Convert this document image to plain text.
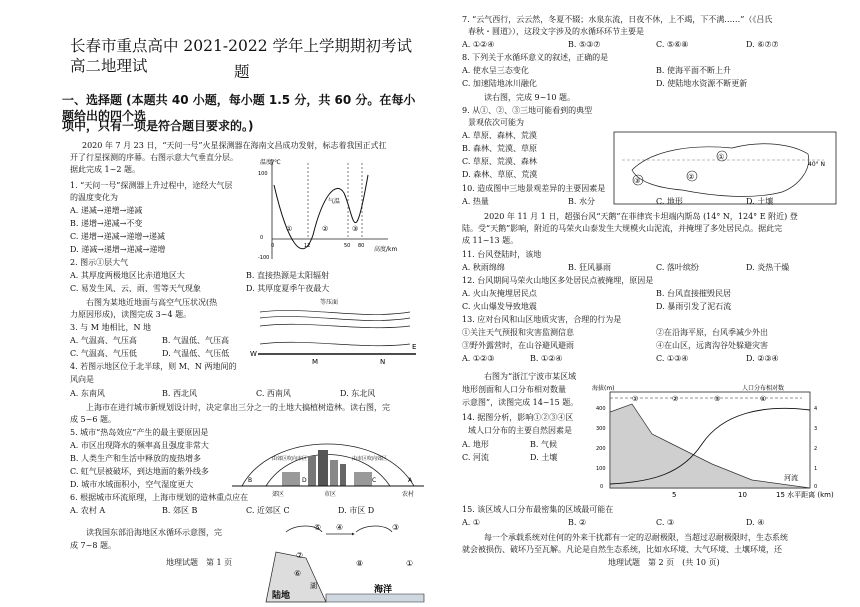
长春市重点高中 2021-2022 学年上学期期初考试高二地理试	题
一、选择题 (本题共 40 小题，每小题 1.5 分，共 60 分。在每小题给出的四个选
项中，只有一项是符合题目要求的。)
2020 年 7 月 23 日，“天问一号”火星探测器在海南文昌成功发射，标志着我国正式扛
开了行星探测的序幕。右图示意大气垂直分层。
据此完成 1~2 题。
1. “天问一号”探测器上升过程中，途经大气层
的温度变化为
A. 递减→递增→递减
B. 递增→递减→不变
C. 递增→递减→递增→递减
D. 递减→递增→递减→递增
2. 图示①层大气
A. 其厚度两极地区比赤道地区大	B. 直接热源是太阳辐射
C. 易发生风、云、雨、雪等天气现象	D. 其厚度夏季午夜最大
右图为某地近地面与高空气压状况(热
力原因形成)，读图完成 3~4 题。
3. 与 M 地相比，N 地
A. 气温高、气压高	B. 气温低、气压高
C. 气温高、气压低	D. 气温低、气压低
4. 若图示地区位于北半球，则 M、N 两地间的
风向是
A. 东南风	B. 西北风	C. 西南风	D. 东北风
上海市在进行城市新规划设计时，决定拿出三分之一的土地大搞植树造林。读右图，完
成 5~6 题。
5. 城市“热岛效应”产生的最主要原因是
A. 市区出现降水的频率高且强度非常大
B. 人类生产和生活中释放的废热增多
C. 虹气层被破坏，到达地面的紫外线多
D. 城市水域面积小，空气湿度更大
6. 根据城市环流原理，上海市规划的造林重点应在
A. 农村 A	B. 郊区 B	C. 近郊区 C	D. 市区 D
读我国东部沿海地区水循环示意图，完
成 7~8 题。
地理试题　第 1 页
温度/℃
高度/km
100
0
-100
0	12	50 80
①	②	③
气温
等压面
W
E
M	N
由郊区吹向市区	由市区吹向郊区
市区
郊区	农村
A
B	C
D
陆地
海洋
湖
⑦
⑥
④
⑤	③
⑧	①
7. “云气西行，云云然，冬夏不辍；水泉东流，日夜不休，上不竭，下不满……”（《吕氏
春秋・圆道》），这段文字涉及的水循环环节主要是
A. ①②④	B. ⑤③⑦	C. ⑤⑥⑧	D. ⑥⑦⑦
8. 下列关于水循环意义的叙述，正确的是
A. 使水呈三态变化	B. 使海平面不断上升
C. 加速陆地冰川融化	D. 使陆地水资源不断更新
读右图，完成 9~10 题。
9. 从①、②、③三地可能看到的典型
景观依次可能为
A. 草原、森林、荒漠
B. 森林、荒漠、草原
C. 草原、荒漠、森林
D. 森林、草原、荒漠
10. 造成图中三地景观差异的主要因素是
A. 热量	B. 水分	C. 地形	D. 土壤
2020 年 11 月 1 日，超强台风“天鹅”在菲律宾卡坦端内斯岛 (14° N，124° E 附近) 登
陆。受“天鹅”影响，附近的马荣火山泰发生大规模火山泥流，并掩埋了多处居民点。据此完
成 11~13 题。
11. 台风登陆时，该地
A. 秋雨绵绵	B. 狂风暴雨	C. 落叶缤纷	D. 炎热干燥
12. 台风期间马荣火山地区多处居民点被掩埋，原因是
A. 火山灰掩埋居民点	B. 台风直接摧毁民居
C. 火山爆发导致地震	D. 暴雨引发了泥石流
13. 应对台风和山区地质灾害，合理的行为是
①关注天气预报和灾害监测信息	②在沿海平原，台风季减少外出
③野外露营时，在山谷避风避雨	④在山区，远离沟谷处躲避灾害
A. ①②③	B. ①②④	C. ①③④	D. ②③④
右图为“浙江宁波市某区域
地形剖面和人口分布相对数量
示意图”，读图完成 14~15 题。
14. 据图分析，影响①②③④区
域人口分布的主要自然因素是
A. 地形	B. 气候
C. 河流	D. 土壤
15. 该区域人口分布最密集的区域最可能在
A. ①	B. ②	C. ③	D. ④
每一个承载系统对住何的外来干扰都有一定的忍耐极限，当超过忍耐极限时，生态系统
就会被损伤、破坏乃至瓦解。凡论是自然生态系统，比如水环境、大气环境、土壤环境，还
地理试题　第 2 页　(共 10 页)
①
②
③
40° N
海拔(m)	人口分布相对数
400
300
200
100
0
4
3
2
1
0
5	10	15 水平距离 (km)
河流
①	②	③	④
